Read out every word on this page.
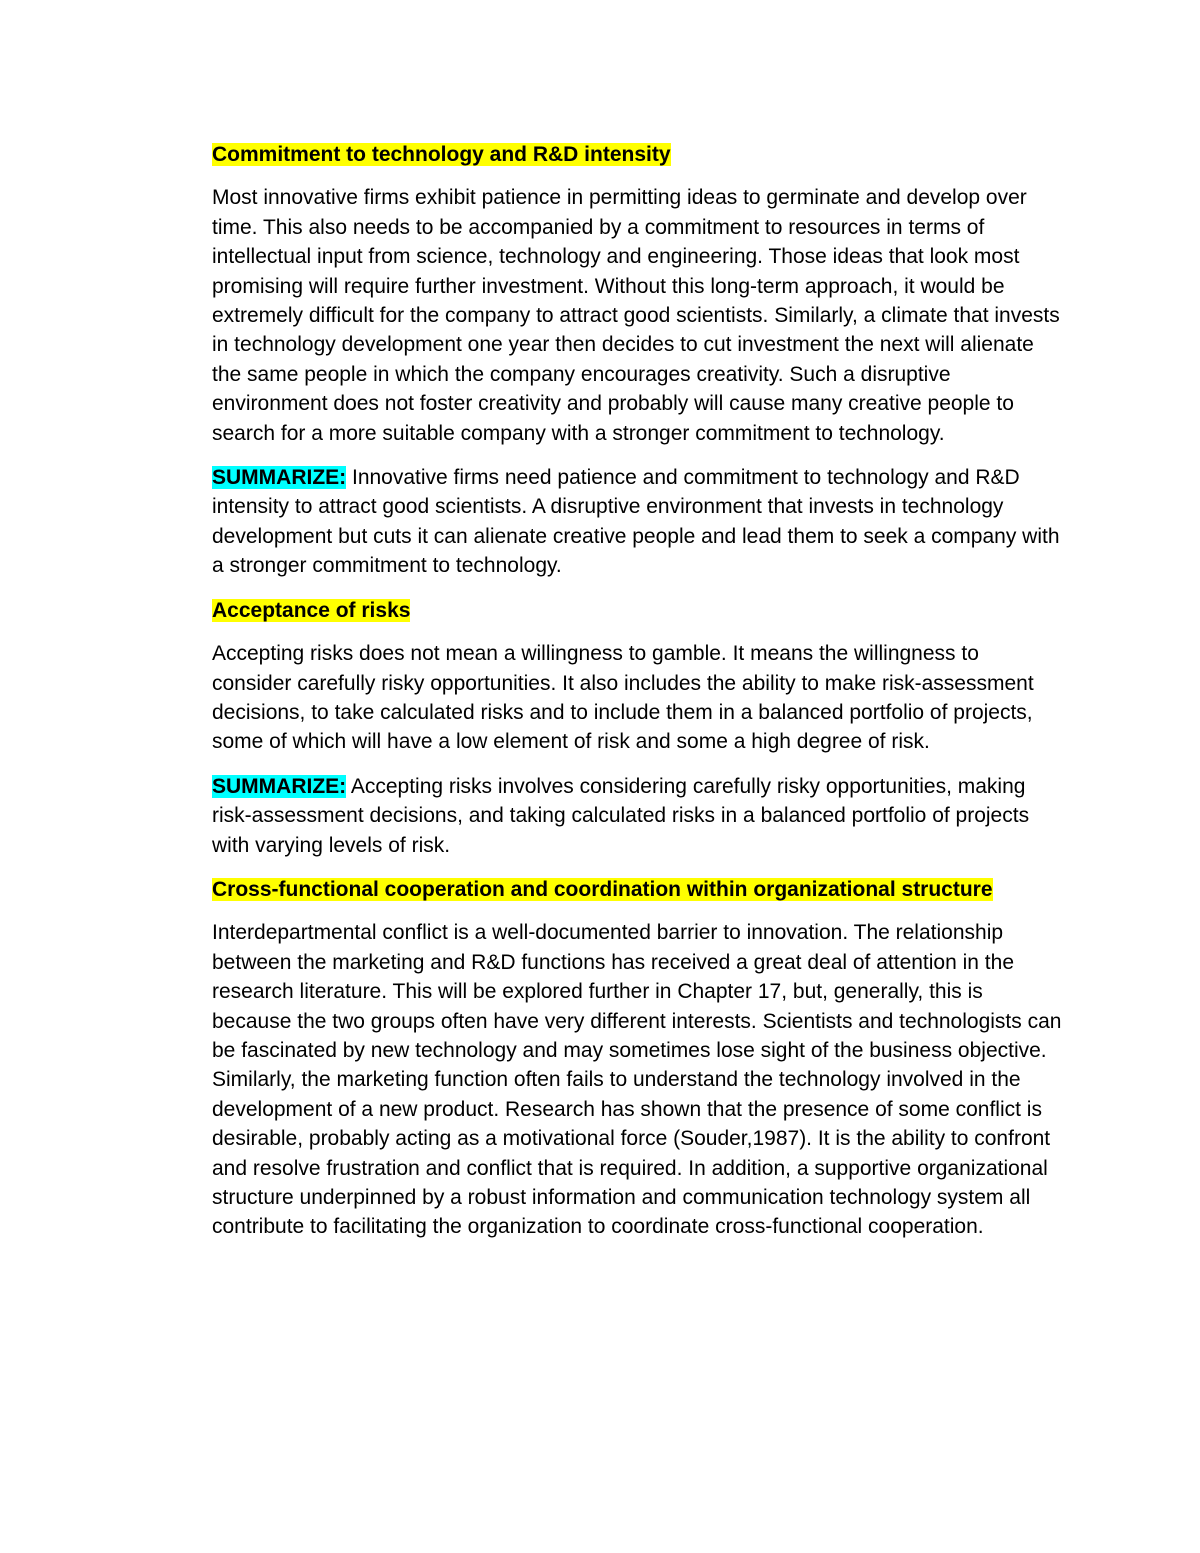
Commitment to technology and R&D intensity
Most innovative firms exhibit patience in permitting ideas to germinate and develop over time. This also needs to be accompanied by a commitment to resources in terms of intellectual input from science, technology and engineering. Those ideas that look most promising will require further investment. Without this long-term approach, it would be extremely difficult for the company to attract good scientists. Similarly, a climate that invests in technology development one year then decides to cut investment the next will alienate the same people in which the company encourages creativity. Such a disruptive environment does not foster creativity and probably will cause many creative people to search for a more suitable company with a stronger commitment to technology.
SUMMARIZE: Innovative firms need patience and commitment to technology and R&D intensity to attract good scientists. A disruptive environment that invests in technology development but cuts it can alienate creative people and lead them to seek a company with a stronger commitment to technology.
Acceptance of risks
Accepting risks does not mean a willingness to gamble. It means the willingness to consider carefully risky opportunities. It also includes the ability to make risk-assessment decisions, to take calculated risks and to include them in a balanced portfolio of projects, some of which will have a low element of risk and some a high degree of risk.
SUMMARIZE: Accepting risks involves considering carefully risky opportunities, making risk-assessment decisions, and taking calculated risks in a balanced portfolio of projects with varying levels of risk.
Cross-functional cooperation and coordination within organizational structure
Interdepartmental conflict is a well-documented barrier to innovation. The relationship between the marketing and R&D functions has received a great deal of attention in the research literature. This will be explored further in Chapter 17, but, generally, this is because the two groups often have very different interests. Scientists and technologists can be fascinated by new technology and may sometimes lose sight of the business objective. Similarly, the marketing function often fails to understand the technology involved in the development of a new product. Research has shown that the presence of some conflict is desirable, probably acting as a motivational force (Souder,1987). It is the ability to confront and resolve frustration and conflict that is required. In addition, a supportive organizational structure underpinned by a robust information and communication technology system all contribute to facilitating the organization to coordinate cross-functional cooperation.
